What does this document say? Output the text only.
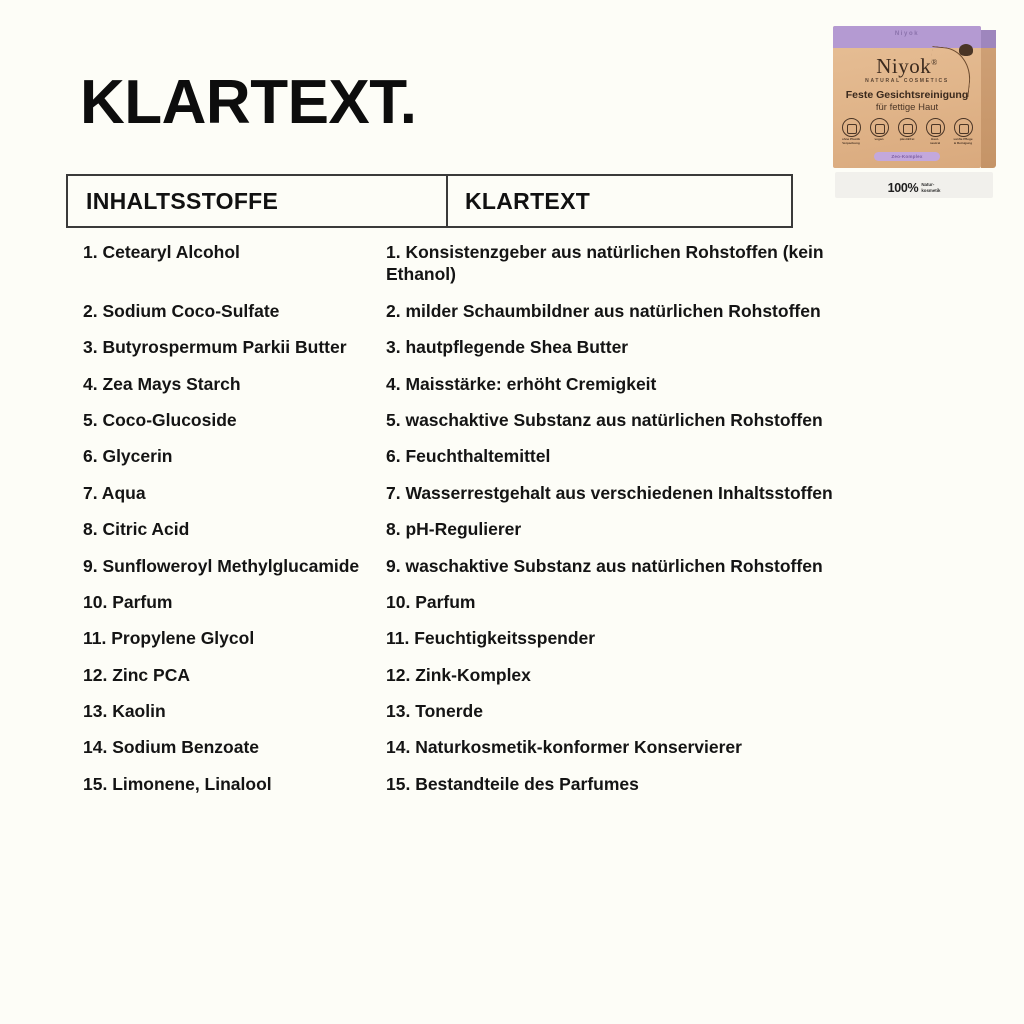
KLARTEXT.
Niyok
Niyok®
NATURAL COSMETICS
Feste Gesichtsreinigung
für fettige Haut
ohne Plastik
Verpackung
vegan	plastikfrei	Haut-
neutral
sanfte Pflege
& Reinigung
Zeo-Komplex
100% Natur-
kosmetik
INHALTSSTOFFE	KLARTEXT
1. Cetearyl Alcohol	1. Konsistenzgeber aus natürlichen Rohstoffen (kein Ethanol)
2. Sodium Coco-Sulfate	2. milder Schaumbildner aus natürlichen Rohstoffen
3. Butyrospermum Parkii Butter	3. hautpflegende Shea Butter
4. Zea Mays Starch	4. Maisstärke: erhöht Cremigkeit
5. Coco-Glucoside	5. waschaktive Substanz aus natürlichen Rohstoffen
6. Glycerin	6. Feuchthaltemittel
7. Aqua	7. Wasserrestgehalt aus verschiedenen Inhaltsstoffen
8. Citric Acid	8. pH-Regulierer
9. Sunfloweroyl Methylglucamide	9. waschaktive Substanz aus natürlichen Rohstoffen
10. Parfum	10. Parfum
11. Propylene Glycol	11. Feuchtigkeitsspender
12. Zinc PCA	12. Zink-Komplex
13. Kaolin	13. Tonerde
14. Sodium Benzoate	14. Naturkosmetik-konformer Konservierer
15. Limonene, Linalool	15. Bestandteile des Parfumes
